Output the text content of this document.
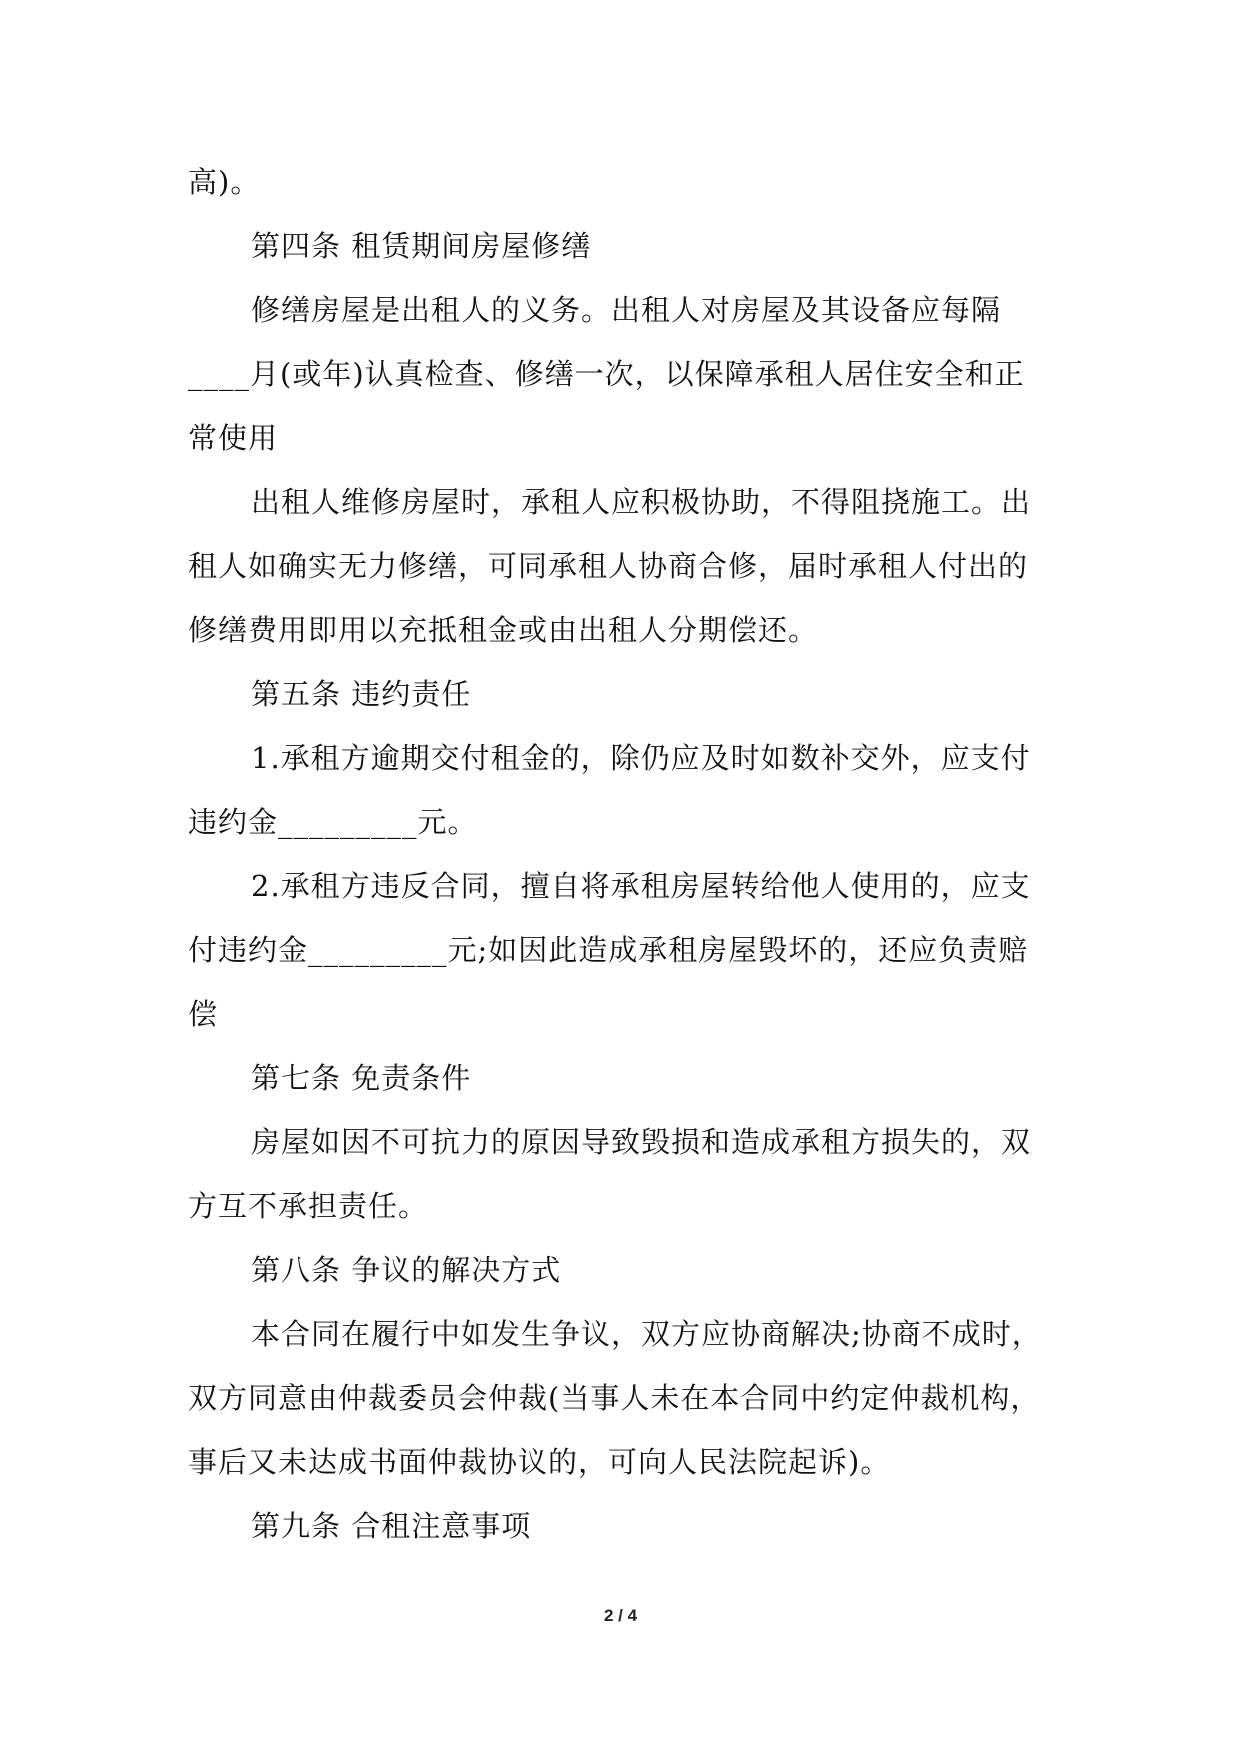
高)。
第四条 租赁期间房屋修缮
修缮房屋是出租人的义务。出租人对房屋及其设备应每隔
____月(或年)认真检查、修缮一次，以保障承租人居住安全和正
常使用
出租人维修房屋时，承租人应积极协助，不得阻挠施工。出
租人如确实无力修缮，可同承租人协商合修，届时承租人付出的
修缮费用即用以充抵租金或由出租人分期偿还。
第五条 违约责任
1.承租方逾期交付租金的，除仍应及时如数补交外，应支付
违约金_________元。
2.承租方违反合同，擅自将承租房屋转给他人使用的，应支
付违约金_________元;如因此造成承租房屋毁坏的，还应负责赔
偿
第七条 免责条件
房屋如因不可抗力的原因导致毁损和造成承租方损失的，双
方互不承担责任。
第八条 争议的解决方式
本合同在履行中如发生争议，双方应协商解决;协商不成时，
双方同意由仲裁委员会仲裁(当事人未在本合同中约定仲裁机构，
事后又未达成书面仲裁协议的，可向人民法院起诉)。
第九条 合租注意事项
2 / 4
